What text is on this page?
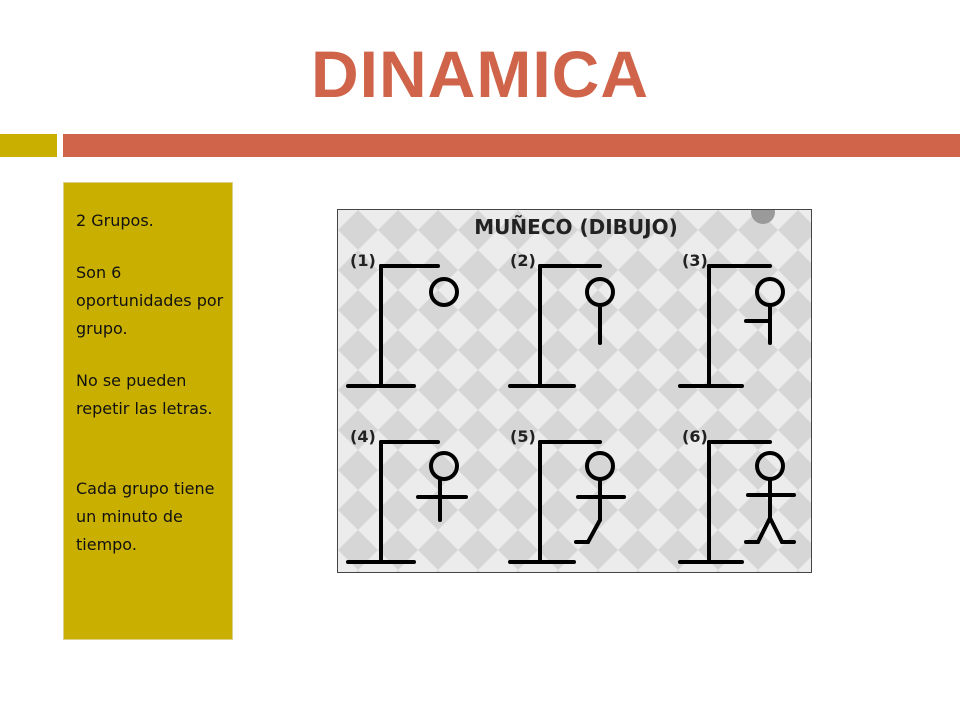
DINAMICA

2 Grupos.

Son 6 oportunidades por grupo.

No se pueden repetir las letras.

Cada grupo tiene un minuto de tiempo.

MUÑECO (DIBUJO)
(1)	(2)	(3)
(4)	(5)	(6)
